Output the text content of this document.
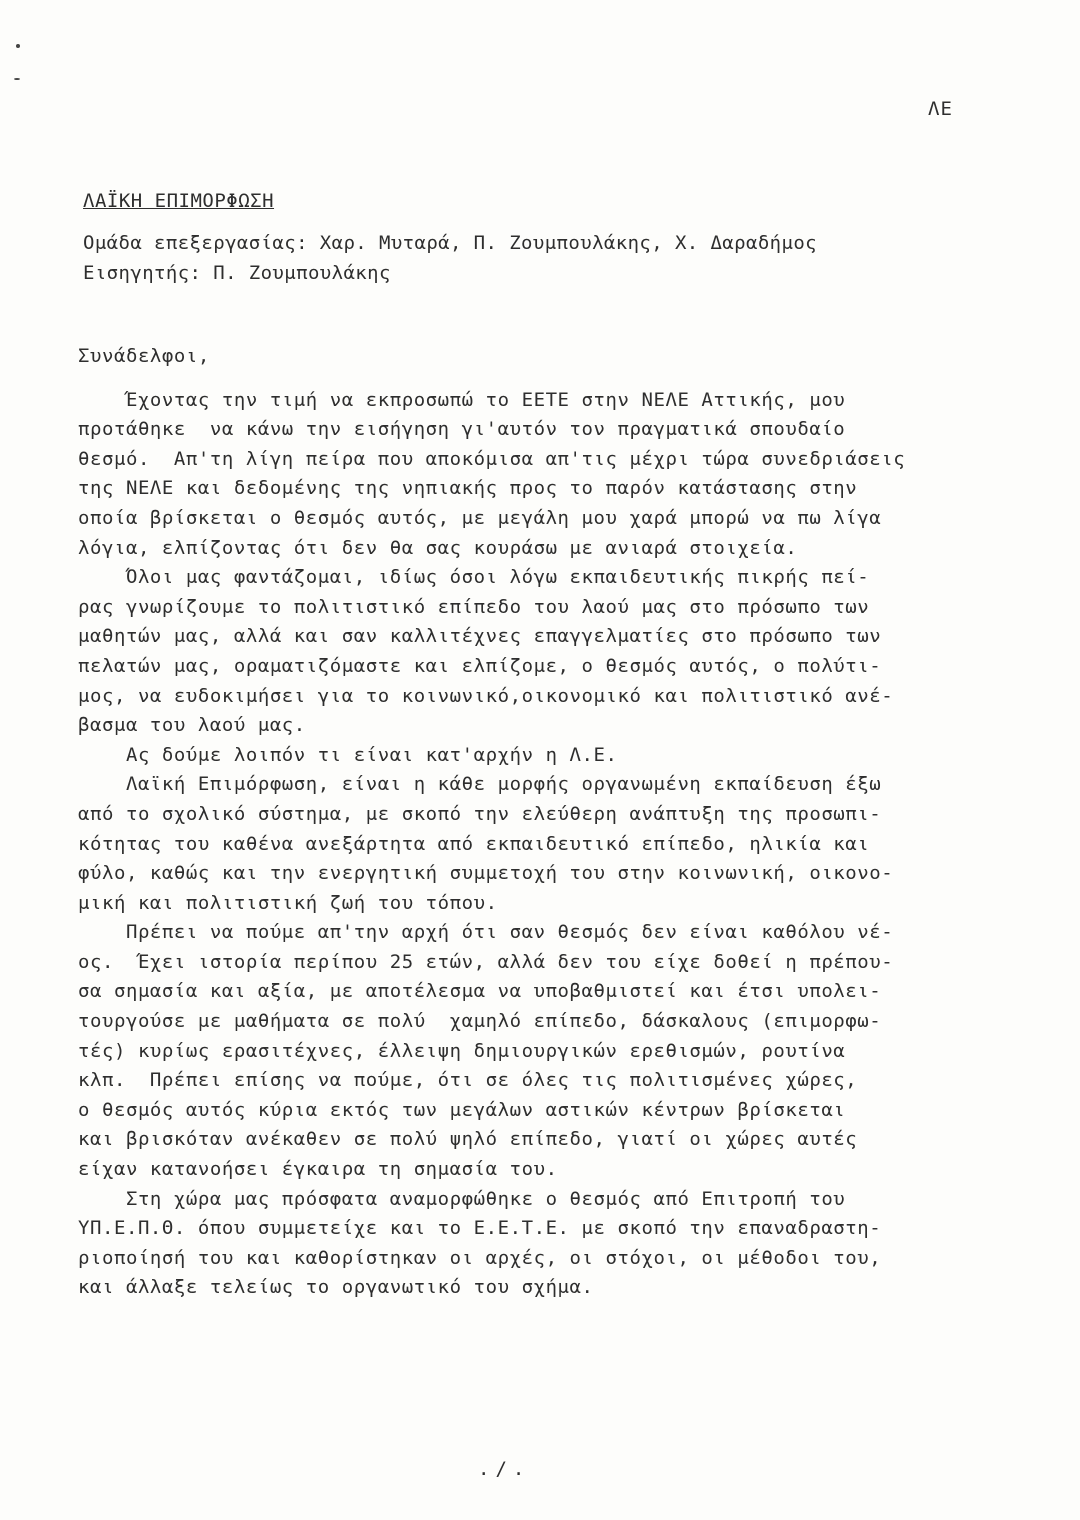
ΛΕ
ΛΑΪΚΗ ΕΠΙΜΟΡΦΩΣΗ
Ομάδα επεξεργασίας: Χαρ. Μυταρά, Π. Ζουμπουλάκης, Χ. Δαραδήμος
Εισηγητής: Π. Ζουμπουλάκης
Συνάδελφοι,
Έχοντας την τιμή να εκπροσωπώ το ΕΕΤΕ στην ΝΕΛΕ Αττικής, μου
προτάθηκε  να κάνω την εισήγηση γι'αυτόν τον πραγματικά σπουδαίο
θεσμό.  Απ'τη λίγη πείρα που αποκόμισα απ'τις μέχρι τώρα συνεδριάσεις
της ΝΕΛΕ και δεδομένης της νηπιακής προς το παρόν κατάστασης στην
οποία βρίσκεται ο θεσμός αυτός, με μεγάλη μου χαρά μπορώ να πω λίγα
λόγια, ελπίζοντας ότι δεν θα σας κουράσω με ανιαρά στοιχεία.
Όλοι μας φαντάζομαι, ιδίως όσοι λόγω εκπαιδευτικής πικρής πεί-
ρας γνωρίζουμε το πολιτιστικό επίπεδο του λαού μας στο πρόσωπο των
μαθητών μας, αλλά και σαν καλλιτέχνες επαγγελματίες στο πρόσωπο των
πελατών μας, οραματιζόμαστε και ελπίζομε, ο θεσμός αυτός, ο πολύτι-
μος, να ευδοκιμήσει για το κοινωνικό,οικονομικό και πολιτιστικό ανέ-
βασμα του λαού μας.
Ας δούμε λοιπόν τι είναι κατ'αρχήν η Λ.Ε.
Λαϊκή Επιμόρφωση, είναι η κάθε μορφής οργανωμένη εκπαίδευση έξω
από το σχολικό σύστημα, με σκοπό την ελεύθερη ανάπτυξη της προσωπι-
κότητας του καθένα ανεξάρτητα από εκπαιδευτικό επίπεδο, ηλικία και
φύλο, καθώς και την ενεργητική συμμετοχή του στην κοινωνική, οικονο-
μική και πολιτιστική ζωή του τόπου.
Πρέπει να πούμε απ'την αρχή ότι σαν θεσμός δεν είναι καθόλου νέ-
ος.  Έχει ιστορία περίπου 25 ετών, αλλά δεν του είχε δοθεί η πρέπου-
σα σημασία και αξία, με αποτέλεσμα να υποβαθμιστεί και έτσι υπολει-
τουργούσε με μαθήματα σε πολύ  χαμηλό επίπεδο, δάσκαλους (επιμορφω-
τές) κυρίως ερασιτέχνες, έλλειψη δημιουργικών ερεθισμών, ρουτίνα
κλπ.  Πρέπει επίσης να πούμε, ότι σε όλες τις πολιτισμένες χώρες,
ο θεσμός αυτός κύρια εκτός των μεγάλων αστικών κέντρων βρίσκεται
και βρισκόταν ανέκαθεν σε πολύ ψηλό επίπεδο, γιατί οι χώρες αυτές
είχαν κατανοήσει έγκαιρα τη σημασία του.
Στη χώρα μας πρόσφατα αναμορφώθηκε ο θεσμός από Επιτροπή του
ΥΠ.Ε.Π.Θ. όπου συμμετείχε και το Ε.Ε.Τ.Ε. με σκοπό την επαναδραστη-
ριοποίησή του και καθορίστηκαν οι αρχές, οι στόχοι, οι μέθοδοι του,
και άλλαξε τελείως το οργανωτικό του σχήμα.
./.
